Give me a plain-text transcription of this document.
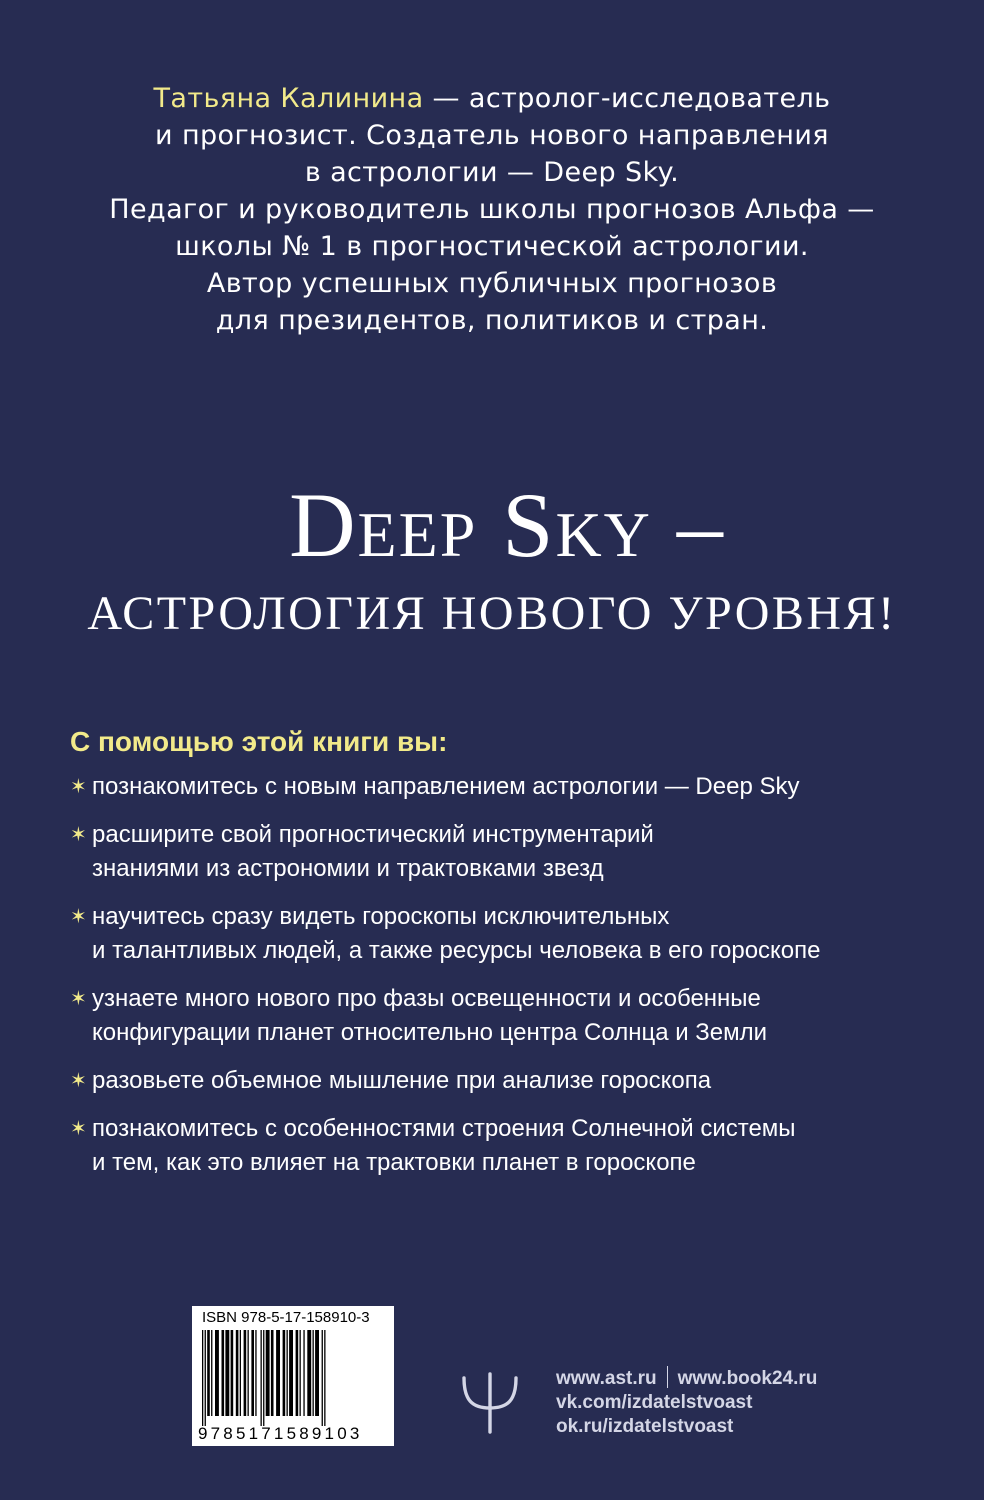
Татьяна Калинина — астролог-исследователь
и прогнозист. Создатель нового направления
в астрологии — Deep Sky.
Педагог и руководитель школы прогнозов Альфа —
школы № 1 в прогностической астрологии.
Автор успешных публичных прогнозов
для президентов, политиков и стран.
Deep Sky –
АСТРОЛОГИЯ НОВОГО УРОВНЯ!
С помощью этой книги вы:
✶ познакомитесь с новым направлением астрологии — Deep Sky
✶ расширите свой прогностический инструментарий
знаниями из астрономии и трактовками звезд
✶ научитесь сразу видеть гороскопы исключительных
и талантливых людей, а также ресурсы человека в его гороскопе
✶ узнаете много нового про фазы освещенности и особенные
конфигурации планет относительно центра Солнца и Земли
✶ разовьете объемное мышление при анализе гороскопа
✶ познакомитесь с особенностями строения Солнечной системы
и тем, как это влияет на трактовки планет в гороскопе
ISBN 978-5-17-158910-3
9785171589103
www.ast.ru www.book24.ru
vk.com/izdatelstvoast
ok.ru/izdatelstvoast
